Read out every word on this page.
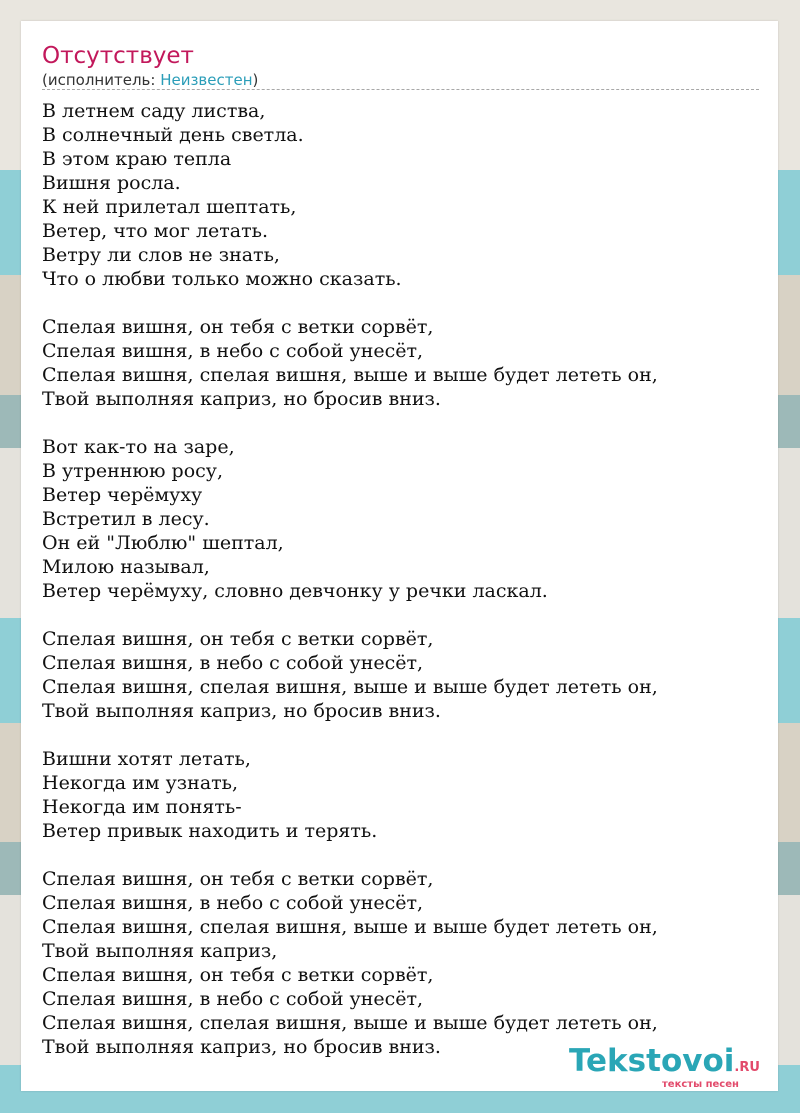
Отсутствует
(исполнитель: Неизвестен)
В летнем саду листва,
В солнечный день светла.
В этом краю тепла
Вишня росла.
К ней прилетал шептать,
Ветер, что мог летать.
Ветру ли слов не знать,
Что о любви только можно сказать.
Спелая вишня, он тебя с ветки сорвёт,
Спелая вишня, в небо с собой унесёт,
Спелая вишня, спелая вишня, выше и выше будет лететь он,
Твой выполняя каприз, но бросив вниз.
Вот как-то на заре,
В утреннюю росу,
Ветер черёмуху
Встретил в лесу.
Он ей "Люблю" шептал,
Милою называл,
Ветер черёмуху, словно девчонку у речки ласкал.
Спелая вишня, он тебя с ветки сорвёт,
Спелая вишня, в небо с собой унесёт,
Спелая вишня, спелая вишня, выше и выше будет лететь он,
Твой выполняя каприз, но бросив вниз.
Вишни хотят летать,
Некогда им узнать,
Некогда им понять-
Ветер привык находить и терять.
Спелая вишня, он тебя с ветки сорвёт,
Спелая вишня, в небо с собой унесёт,
Спелая вишня, спелая вишня, выше и выше будет лететь он,
Твой выполняя каприз,
Спелая вишня, он тебя с ветки сорвёт,
Спелая вишня, в небо с собой унесёт,
Спелая вишня, спелая вишня, выше и выше будет лететь он,
Твой выполняя каприз, но бросив вниз.	Tekstovoi.RU
тексты песен
